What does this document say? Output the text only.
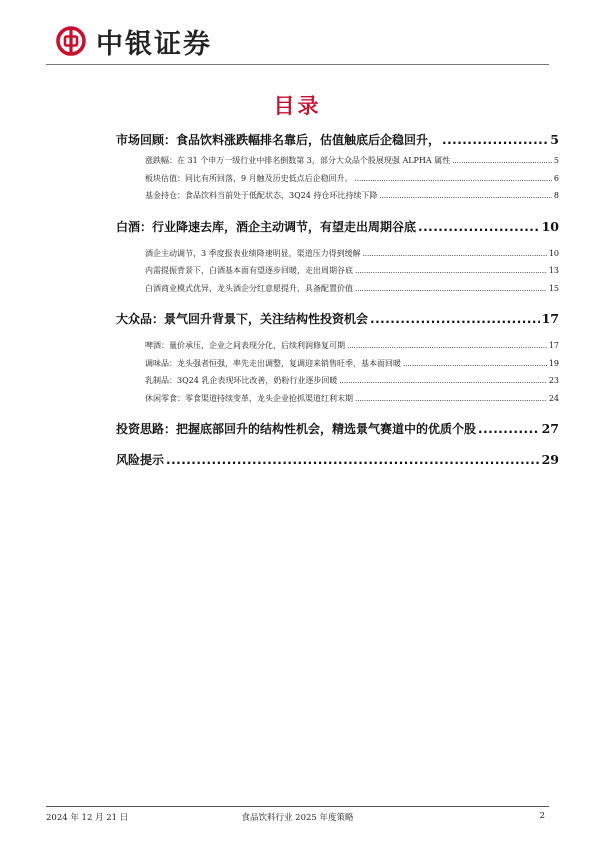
中银证券
目录
市场回顾：食品饮料涨跌幅排名靠后，估值触底后企稳回升， .....	5
涨跌幅：在 31 个申万一级行业中排名倒数第 3，部分大众品个股展现强 ALPHA 属性 .....	5
板块估值：同比有所回落，9 月触及历史低点后企稳回升。 .....	6
基金持仓：食品饮料当前处于低配状态，3Q24 持仓环比持续下降 .....	8
白酒：行业降速去库，酒企主动调节，有望走出周期谷底 .....	10
酒企主动调节，3 季度报表业绩降速明显，渠道压力得到缓解 .....	10
内需提振背景下，白酒基本面有望逐步回暖，走出周期谷底 .....	13
白酒商业模式优异，龙头酒企分红意愿提升，具备配置价值 .....	15
大众品：景气回升背景下，关注结构性投资机会 .....	17
啤酒：量价承压，企业之间表现分化，后续利润修复可期 .....	17
调味品：龙头强者恒强，率先走出调整，复调迎来销售旺季，基本面回暖 .....	19
乳制品：3Q24 乳企表现环比改善，奶粉行业逐步回暖 .....	23
休闲零食：零食渠道持续变革，龙头企业抢抓渠道红利末期 .....	24
投资思路：把握底部回升的结构性机会，精选景气赛道中的优质个股 .....	27
风险提示 .....	29
2024 年 12 月 21 日	食品饮料行业 2025 年度策略	2
